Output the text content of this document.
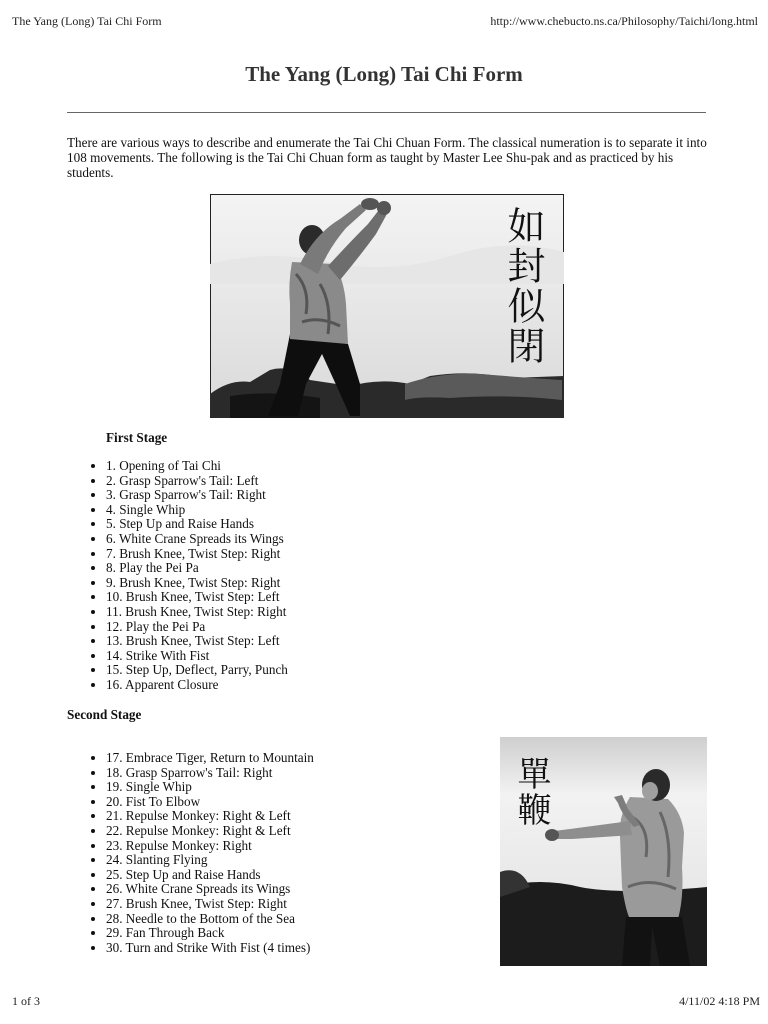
The Yang (Long) Tai Chi Form	http://www.chebucto.ns.ca/Philosophy/Taichi/long.html
The Yang (Long) Tai Chi Form

There are various ways to describe and enumerate the Tai Chi Chuan Form. The classical numeration is to separate it into 108 movements. The following is the Tai Chi Chuan form as taught by Master Lee Shu-pak and as practiced by his students.

如封似閉
First Stage
• 1. Opening of Tai Chi
• 2. Grasp Sparrow's Tail: Left
• 3. Grasp Sparrow's Tail: Right
• 4. Single Whip
• 5. Step Up and Raise Hands
• 6. White Crane Spreads its Wings
• 7. Brush Knee, Twist Step: Right
• 8. Play the Pei Pa
• 9. Brush Knee, Twist Step: Right
• 10. Brush Knee, Twist Step: Left
• 11. Brush Knee, Twist Step: Right
• 12. Play the Pei Pa
• 13. Brush Knee, Twist Step: Left
• 14. Strike With Fist
• 15. Step Up, Deflect, Parry, Punch
• 16. Apparent Closure
Second Stage
• 17. Embrace Tiger, Return to Mountain
• 18. Grasp Sparrow's Tail: Right
• 19. Single Whip
• 20. Fist To Elbow
• 21. Repulse Monkey: Right & Left
• 22. Repulse Monkey: Right & Left
• 23. Repulse Monkey: Right
• 24. Slanting Flying
• 25. Step Up and Raise Hands
• 26. White Crane Spreads its Wings
• 27. Brush Knee, Twist Step: Right
• 28. Needle to the Bottom of the Sea
• 29. Fan Through Back
• 30. Turn and Strike With Fist (4 times)
單鞭
1 of 3	4/11/02 4:18 PM
